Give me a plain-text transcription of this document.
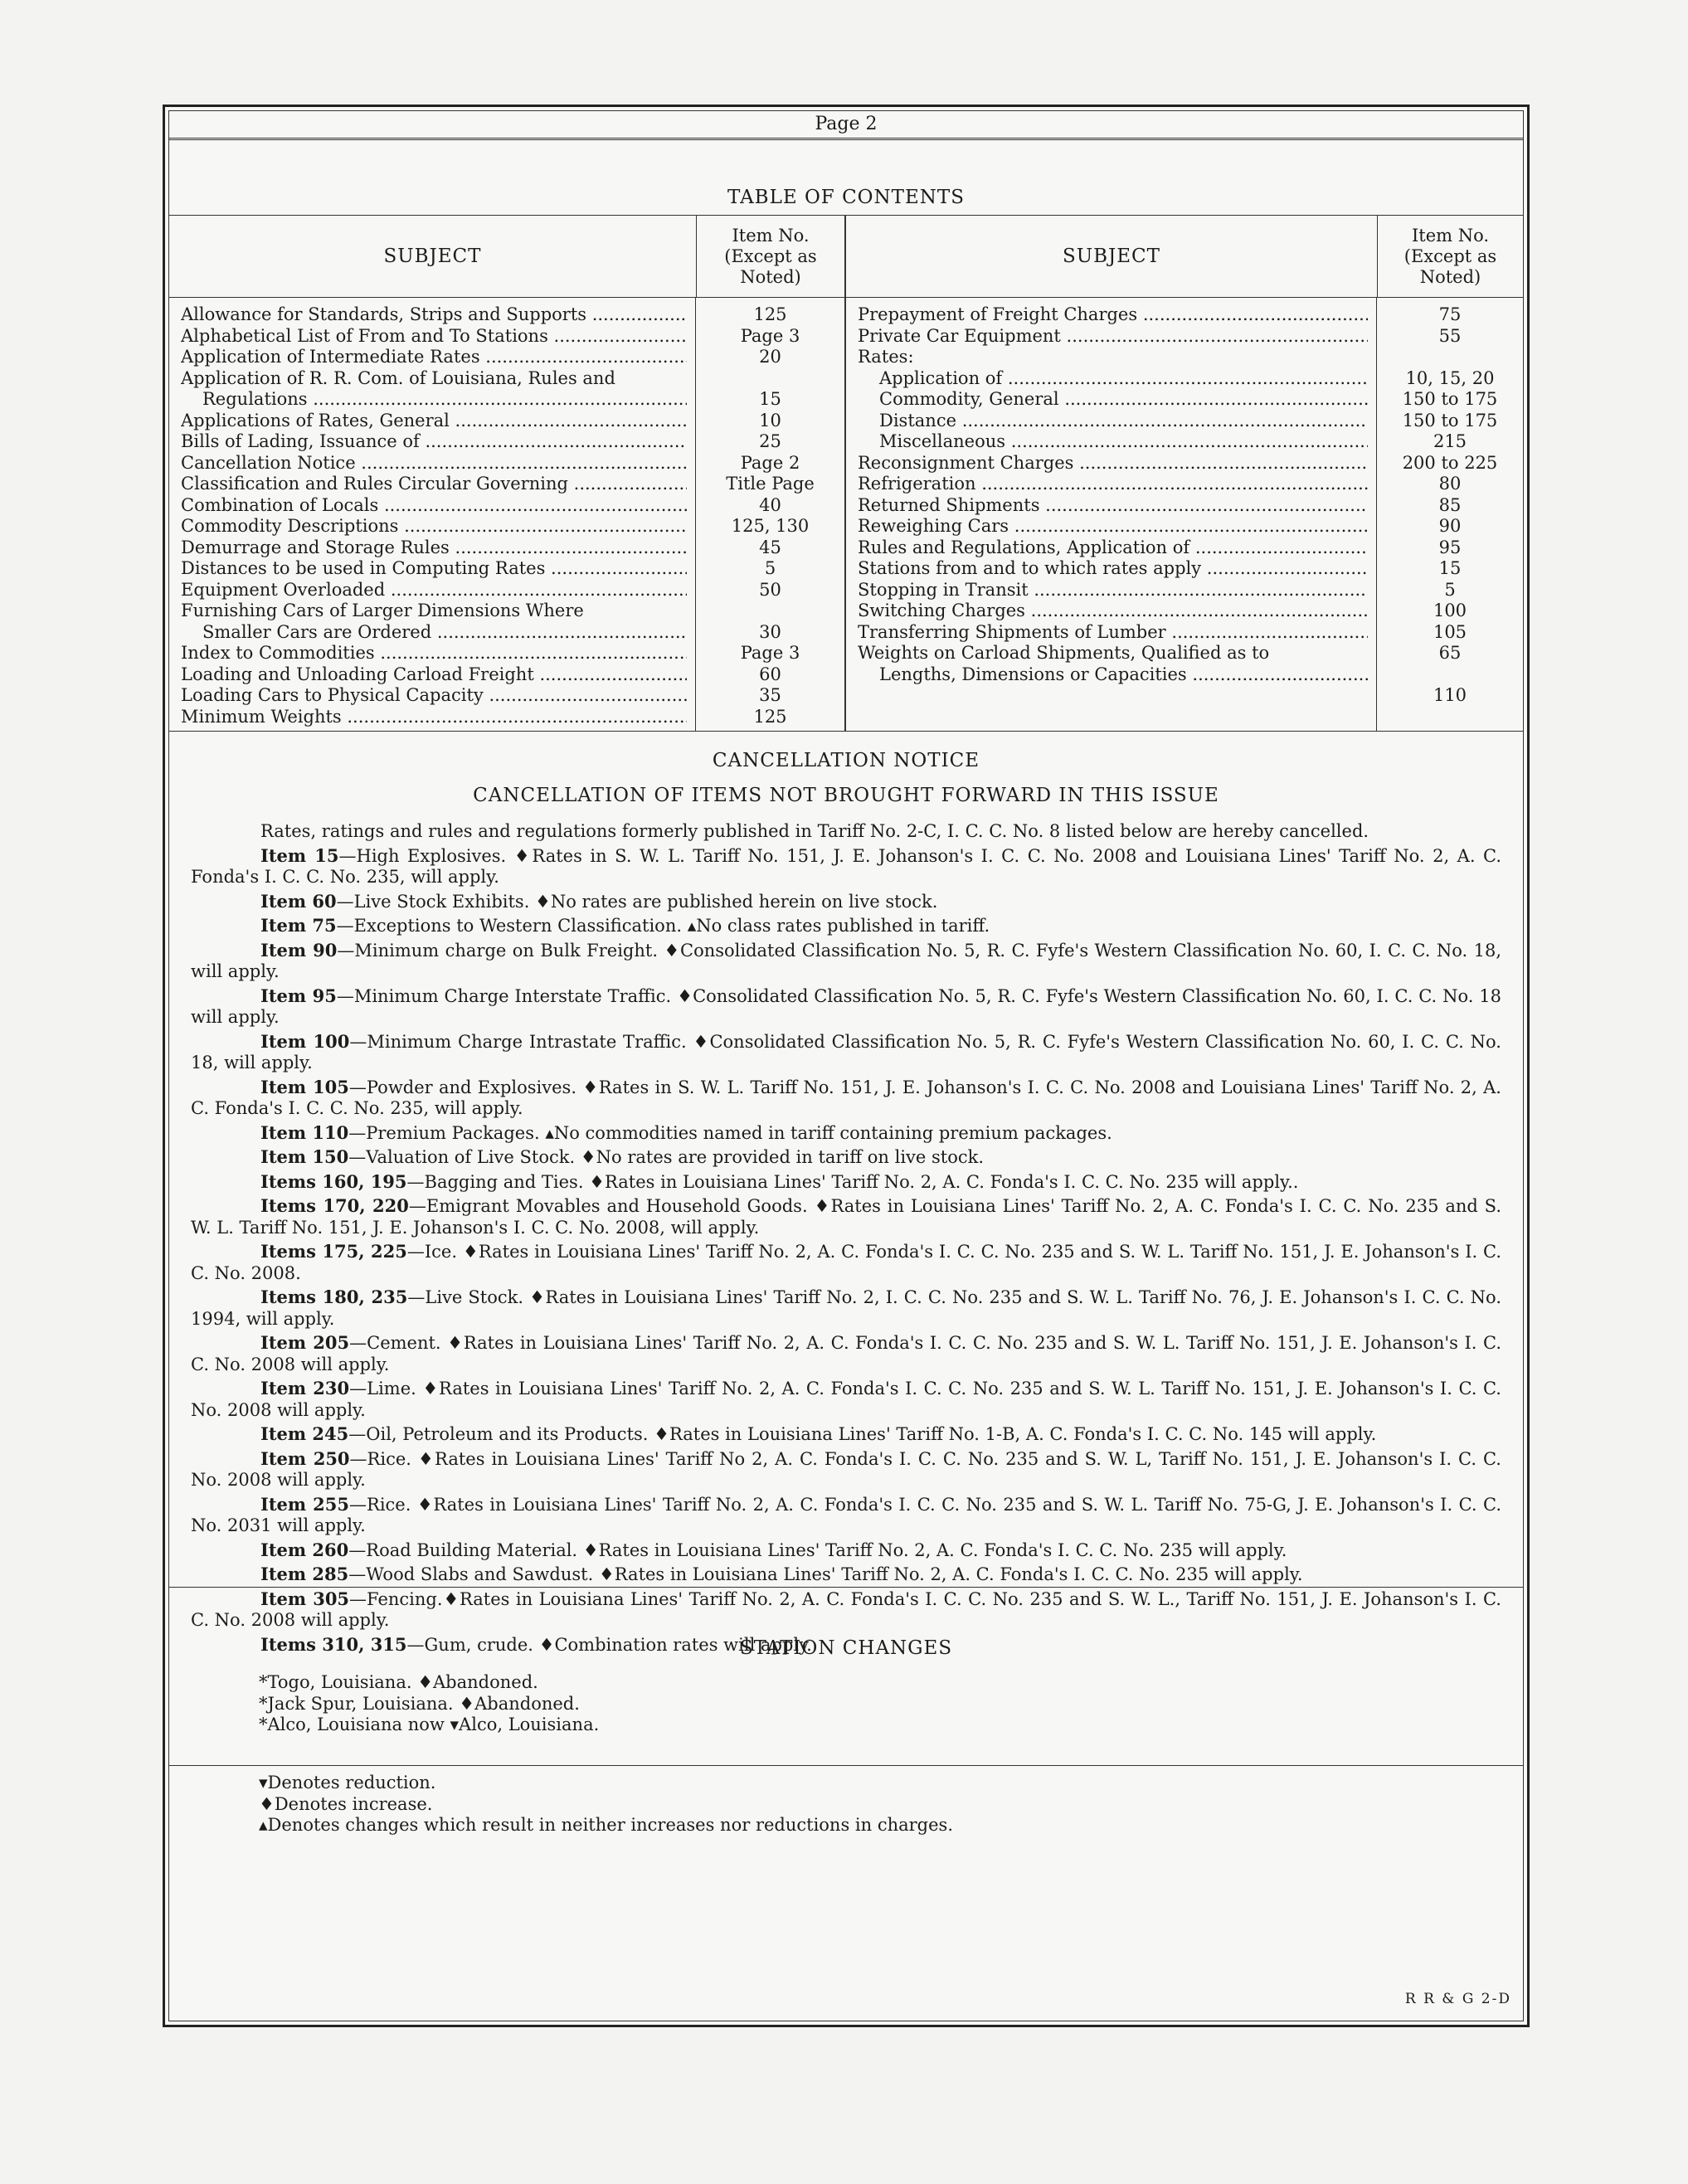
Page 2
TABLE OF CONTENTS
SUBJECT
Item No.
(Except as
Noted)
Allowance for Standards, Strips and Supports .....
Alphabetical List of From and To Stations .....
Application of Intermediate Rates .....
Application of R. R. Com. of Louisiana, Rules and
Regulations .....
Applications of Rates, General .....
Bills of Lading, Issuance of .....
Cancellation Notice .....
Classification and Rules Circular Governing .....
Combination of Locals .....
Commodity Descriptions .....
Demurrage and Storage Rules .....
Distances to be used in Computing Rates .....
Equipment Overloaded .....
Furnishing Cars of Larger Dimensions Where
Smaller Cars are Ordered .....
Index to Commodities .....
Loading and Unloading Carload Freight .....
Loading Cars to Physical Capacity .....
Minimum Weights .....
125
Page 3
20
15
10
25
Page 2
Title Page
40
125, 130
45
5
50
30
Page 3
60
35
125
SUBJECT
Item No.
(Except as
Noted)
Prepayment of Freight Charges .....
Private Car Equipment .....
Rates:
Application of .....
Commodity, General .....
Distance .....
Miscellaneous .....
Reconsignment Charges .....
Refrigeration .....
Returned Shipments .....
Reweighing Cars .....
Rules and Regulations, Application of .....
Stations from and to which rates apply .....
Stopping in Transit .....
Switching Charges .....
Transferring Shipments of Lumber .....
Weights on Carload Shipments, Qualified as to
Lengths, Dimensions or Capacities .....
75
55
10, 15, 20
150 to 175
150 to 175
215
200 to 225
80
85
90
95
15
5
100
105
65
110
CANCELLATION NOTICE
CANCELLATION OF ITEMS NOT BROUGHT FORWARD IN THIS ISSUE
Rates, ratings and rules and regulations formerly published in Tariff No. 2-C, I. C. C. No. 8 listed below are hereby cancelled.
Item 15—High Explosives. ♦Rates in S. W. L. Tariff No. 151, J. E. Johanson's I. C. C. No. 2008 and Louisiana Lines' Tariff No. 2, A. C. Fonda's I. C. C. No. 235, will apply.
Item 60—Live Stock Exhibits. ♦No rates are published herein on live stock.
Item 75—Exceptions to Western Classification. ▴No class rates published in tariff.
Item 90—Minimum charge on Bulk Freight. ♦Consolidated Classification No. 5, R. C. Fyfe's Western Classification No. 60, I. C. C. No. 18, will apply.
Item 95—Minimum Charge Interstate Traffic. ♦Consolidated Classification No. 5, R. C. Fyfe's Western Classification No. 60, I. C. C. No. 18 will apply.
Item 100—Minimum Charge Intrastate Traffic. ♦Consolidated Classification No. 5, R. C. Fyfe's Western Classification No. 60, I. C. C. No. 18, will apply.
Item 105—Powder and Explosives. ♦Rates in S. W. L. Tariff No. 151, J. E. Johanson's I. C. C. No. 2008 and Louisiana Lines' Tariff No. 2, A. C. Fonda's I. C. C. No. 235, will apply.
Item 110—Premium Packages. ▴No commodities named in tariff containing premium packages.
Item 150—Valuation of Live Stock. ♦No rates are provided in tariff on live stock.
Items 160, 195—Bagging and Ties. ♦Rates in Louisiana Lines' Tariff No. 2, A. C. Fonda's I. C. C. No. 235 will apply..
Items 170, 220—Emigrant Movables and Household Goods. ♦Rates in Louisiana Lines' Tariff No. 2, A. C. Fonda's I. C. C. No. 235 and S. W. L. Tariff No. 151, J. E. Johanson's I. C. C. No. 2008, will apply.
Items 175, 225—Ice. ♦Rates in Louisiana Lines' Tariff No. 2, A. C. Fonda's I. C. C. No. 235 and S. W. L. Tariff No. 151, J. E. Johanson's I. C. C. No. 2008.
Items 180, 235—Live Stock. ♦Rates in Louisiana Lines' Tariff No. 2, I. C. C. No. 235 and S. W. L. Tariff No. 76, J. E. Johanson's I. C. C. No. 1994, will apply.
Item 205—Cement. ♦Rates in Louisiana Lines' Tariff No. 2, A. C. Fonda's I. C. C. No. 235 and S. W. L. Tariff No. 151, J. E. Johanson's I. C. C. No. 2008 will apply.
Item 230—Lime. ♦Rates in Louisiana Lines' Tariff No. 2, A. C. Fonda's I. C. C. No. 235 and S. W. L. Tariff No. 151, J. E. Johanson's I. C. C. No. 2008 will apply.
Item 245—Oil, Petroleum and its Products. ♦Rates in Louisiana Lines' Tariff No. 1-B, A. C. Fonda's I. C. C. No. 145 will apply.
Item 250—Rice. ♦Rates in Louisiana Lines' Tariff No 2, A. C. Fonda's I. C. C. No. 235 and S. W. L, Tariff No. 151, J. E. Johanson's I. C. C. No. 2008 will apply.
Item 255—Rice. ♦Rates in Louisiana Lines' Tariff No. 2, A. C. Fonda's I. C. C. No. 235 and S. W. L. Tariff No. 75-G, J. E. Johanson's I. C. C. No. 2031 will apply.
Item 260—Road Building Material. ♦Rates in Louisiana Lines' Tariff No. 2, A. C. Fonda's I. C. C. No. 235 will apply.
Item 285—Wood Slabs and Sawdust. ♦Rates in Louisiana Lines' Tariff No. 2, A. C. Fonda's I. C. C. No. 235 will apply.
Item 305—Fencing.♦Rates in Louisiana Lines' Tariff No. 2, A. C. Fonda's I. C. C. No. 235 and S. W. L., Tariff No. 151, J. E. Johanson's I. C. C. No. 2008 will apply.
Items 310, 315—Gum, crude. ♦Combination rates will apply.
STATION CHANGES
*Togo, Louisiana. ♦Abandoned.
*Jack Spur, Louisiana. ♦Abandoned.
*Alco, Louisiana now ▾Alco, Louisiana.
▾Denotes reduction.
♦Denotes increase.
▴Denotes changes which result in neither increases nor reductions in charges.
R R & G 2-D
